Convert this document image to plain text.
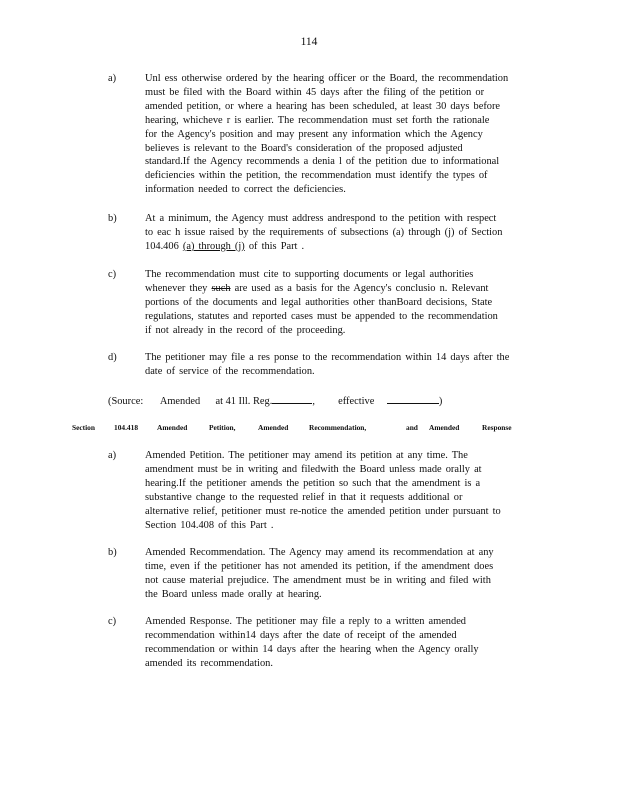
114
a)	Unl ess otherwise ordered by the hearing officer or the Board, the recommendation
must be filed with the Board within 45 days after the filing of the petition or
amended petition, or where a hearing has been scheduled, at least 30 days before
hearing, whicheve r is earlier. The recommendation must set forth the rationale
for the Agency's position and may present any information which the Agency
believes is relevant to the Board's consideration of the proposed adjusted
standard.If the Agency recommends a denia l of the petition due to informational
deficiencies within the petition, the recommendation must identify the types of
information needed to correct the deficiencies.
b)	At a minimum, the Agency must address andrespond to the petition with respect
to eac h issue raised by the requirements of subsections (a) through (j) of Section
104.406 (a) through (j) of this Part .
c)	The recommendation must cite to supporting documents or legal authorities
whenever they such are used as a basis for the Agency's conclusio n. Relevant
portions of the documents and legal authorities other thanBoard decisions, State
regulations, statutes and reported cases must be appended to the recommendation
if not already in the record of the proceeding.
d)	The petitioner may file a res ponse to the recommendation within 14 days after the
date of service of the recommendation.
(Source: Amended at 41 Ill. Reg.	, effective	)
Section	104.418	Amended	Petition,	Amended	Recommendation,	and Amended	Response
a)	Amended Petition. The petitioner may amend its petition at any time. The
amendment must be in writing and filedwith the Board unless made orally at
hearing.If the petitioner amends the petition so such that the amendment is a
substantive change to the requested relief in that it requests additional or
alternative relief, petitioner must re-notice the amended petition under pursuant to
Section 104.408 of this Part .
b)	Amended Recommendation. The Agency may amend its recommendation at any
time, even if the petitioner has not amended its petition, if the amendment does
not cause material prejudice. The amendment must be in writing and filed with
the Board unless made orally at hearing.
c)	Amended Response. The petitioner may file a reply to a written amended
recommendation within14 days after the date of receipt of the amended
recommendation or within 14 days after the hearing when the Agency orally
amended its recommendation.
